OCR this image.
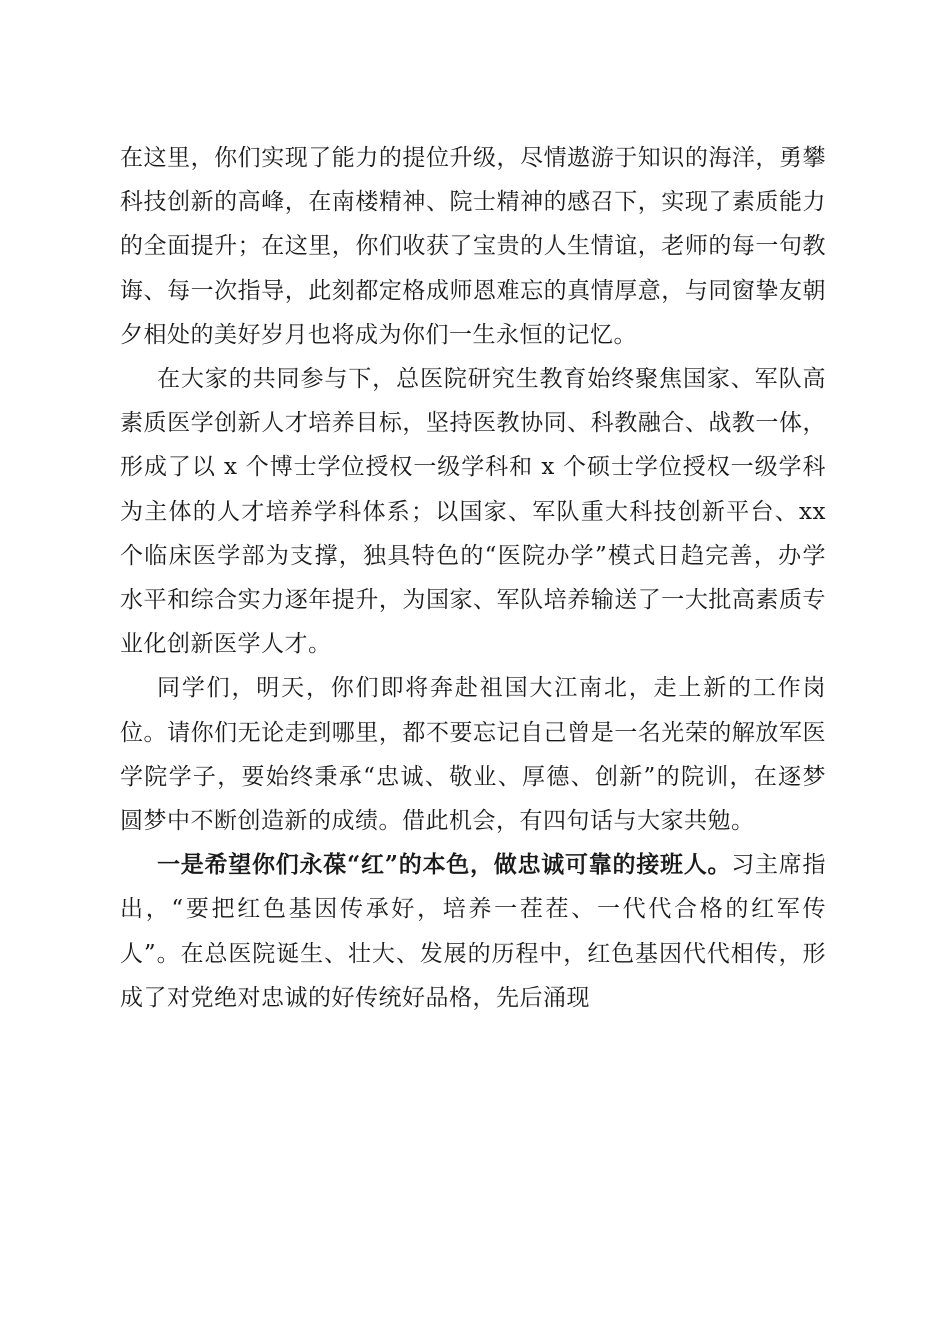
在这里，你们实现了能力的提位升级，尽情遨游于知识的海洋，勇攀科技创新的高峰，在南楼精神、院士精神的感召下，实现了素质能力的全面提升；在这里，你们收获了宝贵的人生情谊，老师的每一句教诲、每一次指导，此刻都定格成师恩难忘的真情厚意，与同窗挚友朝夕相处的美好岁月也将成为你们一生永恒的记忆。

在大家的共同参与下，总医院研究生教育始终聚焦国家、军队高素质医学创新人才培养目标，坚持医教协同、科教融合、战教一体，形成了以 x 个博士学位授权一级学科和 x 个硕士学位授权一级学科为主体的人才培养学科体系；以国家、军队重大科技创新平台、xx 个临床医学部为支撑，独具特色的“医院办学”模式日趋完善，办学水平和综合实力逐年提升，为国家、军队培养输送了一大批高素质专业化创新医学人才。

同学们，明天，你们即将奔赴祖国大江南北，走上新的工作岗位。请你们无论走到哪里，都不要忘记自己曾是一名光荣的解放军医学院学子，要始终秉承“忠诚、敬业、厚德、创新”的院训，在逐梦圆梦中不断创造新的成绩。借此机会，有四句话与大家共勉。

一是希望你们永葆“红”的本色，做忠诚可靠的接班人。习主席指出，“要把红色基因传承好，培养一茬茬、一代代合格的红军传人”。在总医院诞生、壮大、发展的历程中，红色基因代代相传，形成了对党绝对忠诚的好传统好品格，先后涌现
